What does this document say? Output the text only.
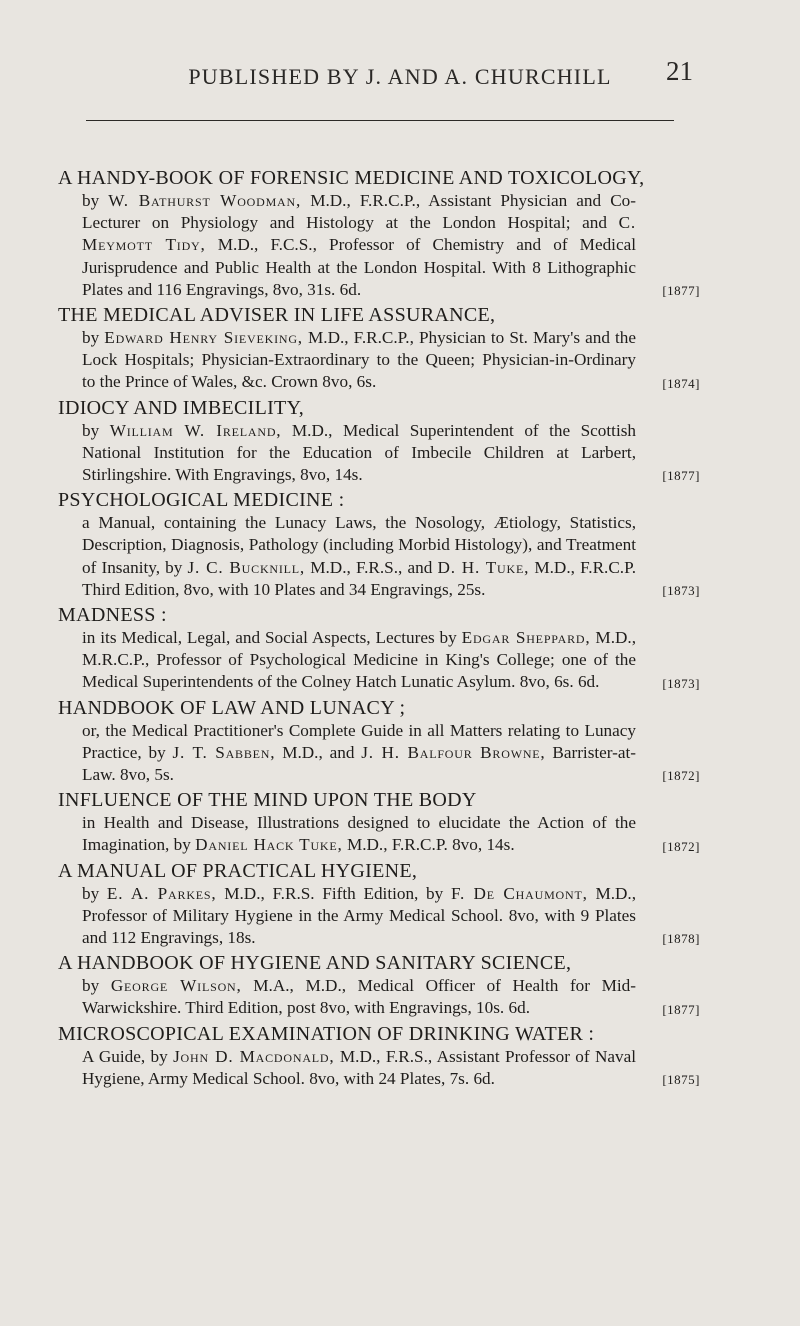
PUBLISHED BY J. AND A. CHURCHILL	21
A HANDY-BOOK OF FORENSIC MEDICINE AND TOXICOLOGY,
by W. Bathurst Woodman, M.D., F.R.C.P., Assistant Physician and Co-Lecturer on Physiology and Histology at the London Hospital; and C. Meymott Tidy, M.D., F.C.S., Professor of Chemistry and of Medical Jurisprudence and Public Health at the London Hospital. With 8 Lithographic Plates and 116 Engravings, 8vo, 31s. 6d.	[ 1877 ]
THE MEDICAL ADVISER IN LIFE ASSURANCE,
by Edward Henry Sieveking, M.D., F.R.C.P., Physician to St. Mary's and the Lock Hospitals; Physician-Extraordinary to the Queen; Physician-in-Ordinary to the Prince of Wales, &c. Crown 8vo, 6s.	[ 1874 ]
IDIOCY AND IMBECILITY,
by William W. Ireland, M.D., Medical Superintendent of the Scottish National Institution for the Education of Imbecile Children at Larbert, Stirlingshire. With Engravings, 8vo, 14s.	[ 1877 ]
PSYCHOLOGICAL MEDICINE :
a Manual, containing the Lunacy Laws, the Nosology, Ætiology, Statistics, Description, Diagnosis, Pathology (including Morbid Histology), and Treatment of Insanity, by J. C. Bucknill, M.D., F.R.S., and D. H. Tuke, M.D., F.R.C.P. Third Edition, 8vo, with 10 Plates and 34 Engravings, 25s.	[ 1873 ]
MADNESS :
in its Medical, Legal, and Social Aspects, Lectures by Edgar Sheppard, M.D., M.R.C.P., Professor of Psychological Medicine in King's College; one of the Medical Superintendents of the Colney Hatch Lunatic Asylum. 8vo, 6s. 6d.	[ 1873 ]
HANDBOOK OF LAW AND LUNACY ;
or, the Medical Practitioner's Complete Guide in all Matters relating to Lunacy Practice, by J. T. Sabben, M.D., and J. H. Balfour Browne, Barrister-at-Law. 8vo, 5s.	[ 1872 ]
INFLUENCE OF THE MIND UPON THE BODY
in Health and Disease, Illustrations designed to elucidate the Action of the Imagination, by Daniel Hack Tuke, M.D., F.R.C.P. 8vo, 14s.	[ 1872 ]
A MANUAL OF PRACTICAL HYGIENE,
by E. A. Parkes, M.D., F.R.S. Fifth Edition, by F. De Chaumont, M.D., Professor of Military Hygiene in the Army Medical School. 8vo, with 9 Plates and 112 Engravings, 18s.	[ 1878 ]
A HANDBOOK OF HYGIENE AND SANITARY SCIENCE,
by George Wilson, M.A., M.D., Medical Officer of Health for Mid-Warwickshire. Third Edition, post 8vo, with Engravings, 10s. 6d.	[ 1877 ]
MICROSCOPICAL EXAMINATION OF DRINKING WATER :
A Guide, by John D. Macdonald, M.D., F.R.S., Assistant Professor of Naval Hygiene, Army Medical School. 8vo, with 24 Plates, 7s. 6d.	[ 1875 ]
